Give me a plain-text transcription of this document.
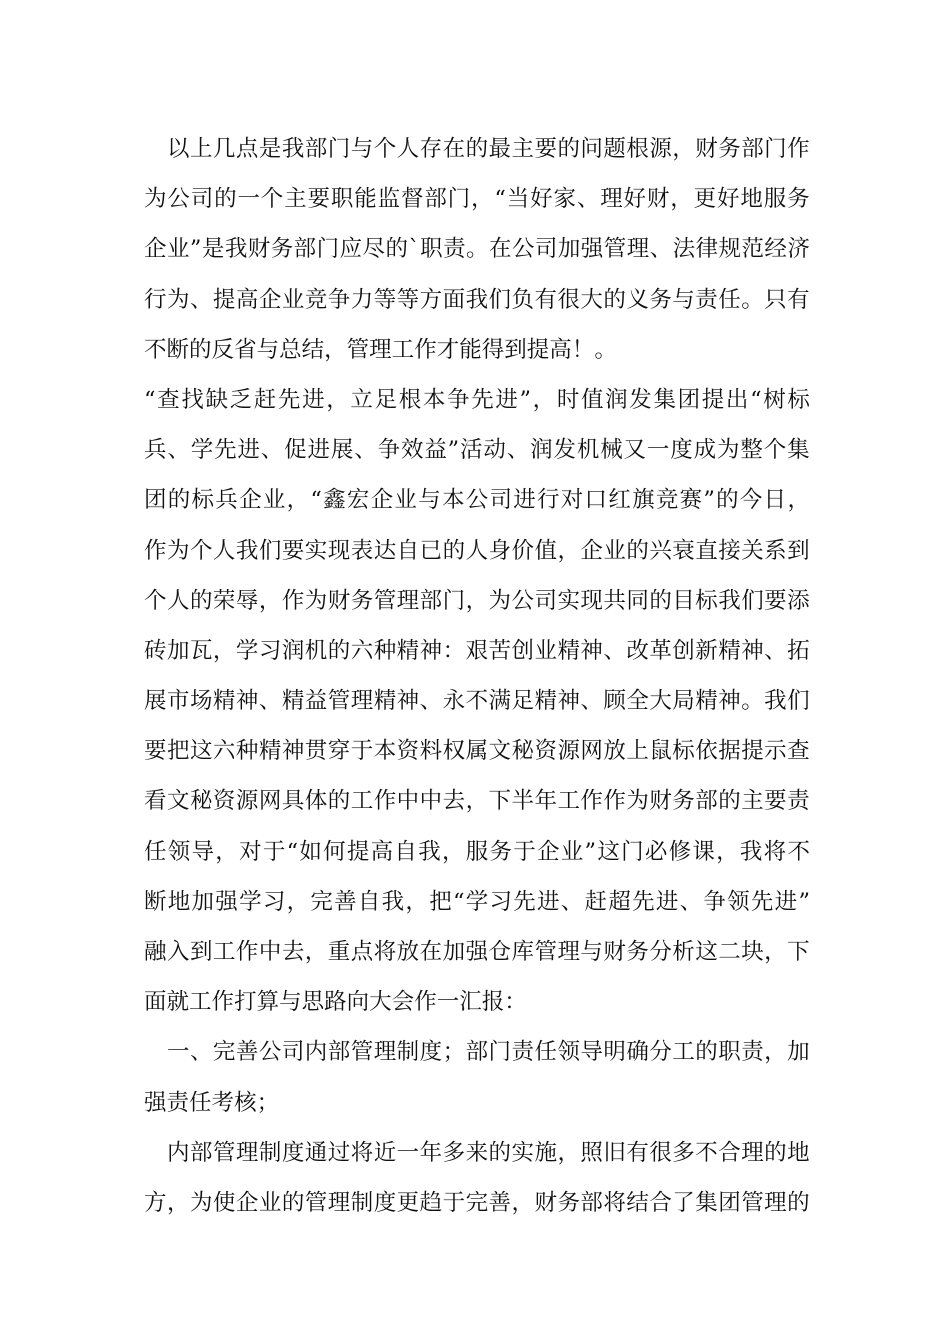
以 上 几 点 是 我 部 门 与 个 人 存 在 的 最 主 要 的 问 题 根 源 ， 财 务 部 门 作
为 公 司 的 一 个 主 要 职 能 监 督 部 门 ， “ 当 好 家 、 理 好 财 ， 更 好 地 服 务
企 业 ” 是 我 财 务 部 门 应 尽 的 ` 职 责 。 在 公 司 加 强 管 理 、 法 律 规 范 经 济
行 为 、 提 高 企 业 竞 争 力 等 等 方 面 我 们 负 有 很 大 的 义 务 与 责 任 。 只 有
不 断 的 反 省 与 总 结 ， 管 理 工 作 才 能 得 到 提 高 ！ 。
“ 查 找 缺 乏 赶 先 进 ， 立 足 根 本 争 先 进 ” ， 时 值 润 发 集 团 提 出 “ 树 标
兵 、 学 先 进 、 促 进 展 、 争 效 益 ” 活 动 、 润 发 机 械 又 一 度 成 为 整 个 集
团 的 标 兵 企 业 ， “ 鑫 宏 企 业 与 本 公 司 进 行 对 口 红 旗 竞 赛 ” 的 今 日 ，
作 为 个 人 我 们 要 实 现 表 达 自 已 的 人 身 价 值 ， 企 业 的 兴 衰 直 接 关 系 到
个 人 的 荣 辱 ， 作 为 财 务 管 理 部 门 ， 为 公 司 实 现 共 同 的 目 标 我 们 要 添
砖 加 瓦 ， 学 习 润 机 的 六 种 精 神 ： 艰 苦 创 业 精 神 、 改 革 创 新 精 神 、 拓
展 市 场 精 神 、 精 益 管 理 精 神 、 永 不 满 足 精 神 、 顾 全 大 局 精 神 。 我 们
要 把 这 六 种 精 神 贯 穿 于 本 资 料 权 属 文 秘 资 源 网 放 上 鼠 标 依 据 提 示 查
看 文 秘 资 源 网 具 体 的 工 作 中 中 去 ， 下 半 年 工 作 作 为 财 务 部 的 主 要 责
任 领 导 ， 对 于 “ 如 何 提 高 自 我 ， 服 务 于 企 业 ” 这 门 必 修 课 ， 我 将 不
断 地 加 强 学 习 ， 完 善 自 我 ， 把 “ 学 习 先 进 、 赶 超 先 进 、 争 领 先 进 ”
融 入 到 工 作 中 去 ， 重 点 将 放 在 加 强 仓 库 管 理 与 财 务 分 析 这 二 块 ， 下
面 就 工 作 打 算 与 思 路 向 大 会 作 一 汇 报 ：

一 、 完 善 公 司 内 部 管 理 制 度 ； 部 门 责 任 领 导 明 确 分 工 的 职 责 ， 加
强 责 任 考 核 ；

内 部 管 理 制 度 通 过 将 近 一 年 多 来 的 实 施 ， 照 旧 有 很 多 不 合 理 的 地
方 ， 为 使 企 业 的 管 理 制 度 更 趋 于 完 善 ， 财 务 部 将 结 合 了 集 团 管 理 的
